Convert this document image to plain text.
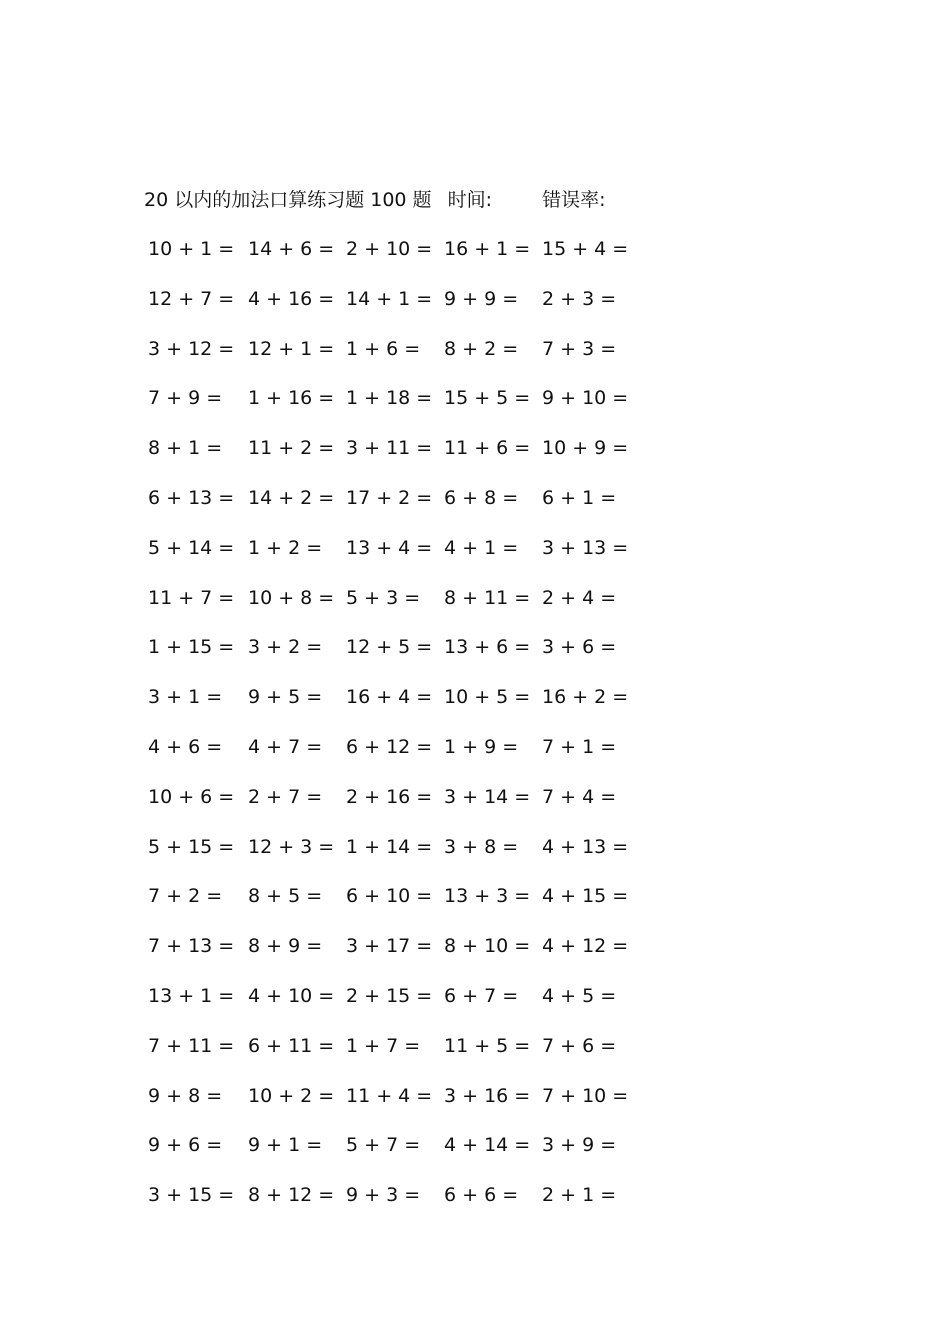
20 以内的加法口算练习题 100 题 时间:	错误率:
10 + 1 = 14 + 6 = 2 + 10 = 16 + 1 = 15 + 4 =
12 + 7 = 4 + 16 = 14 + 1 = 9 + 9 = 2 + 3 =
3 + 12 = 12 + 1 = 1 + 6 = 8 + 2 = 7 + 3 =
7 + 9 = 1 + 16 = 1 + 18 = 15 + 5 = 9 + 10 =
8 + 1 = 11 + 2 = 3 + 11 = 11 + 6 = 10 + 9 =
6 + 13 = 14 + 2 = 17 + 2 = 6 + 8 = 6 + 1 =
5 + 14 = 1 + 2 = 13 + 4 = 4 + 1 = 3 + 13 =
11 + 7 = 10 + 8 = 5 + 3 = 8 + 11 = 2 + 4 =
1 + 15 = 3 + 2 = 12 + 5 = 13 + 6 = 3 + 6 =
3 + 1 = 9 + 5 = 16 + 4 = 10 + 5 = 16 + 2 =
4 + 6 = 4 + 7 = 6 + 12 = 1 + 9 = 7 + 1 =
10 + 6 = 2 + 7 = 2 + 16 = 3 + 14 = 7 + 4 =
5 + 15 = 12 + 3 = 1 + 14 = 3 + 8 = 4 + 13 =
7 + 2 = 8 + 5 = 6 + 10 = 13 + 3 = 4 + 15 =
7 + 13 = 8 + 9 = 3 + 17 = 8 + 10 = 4 + 12 =
13 + 1 = 4 + 10 = 2 + 15 = 6 + 7 = 4 + 5 =
7 + 11 = 6 + 11 = 1 + 7 = 11 + 5 = 7 + 6 =
9 + 8 = 10 + 2 = 11 + 4 = 3 + 16 = 7 + 10 =
9 + 6 = 9 + 1 = 5 + 7 = 4 + 14 = 3 + 9 =
3 + 15 = 8 + 12 = 9 + 3 = 6 + 6 = 2 + 1 =
